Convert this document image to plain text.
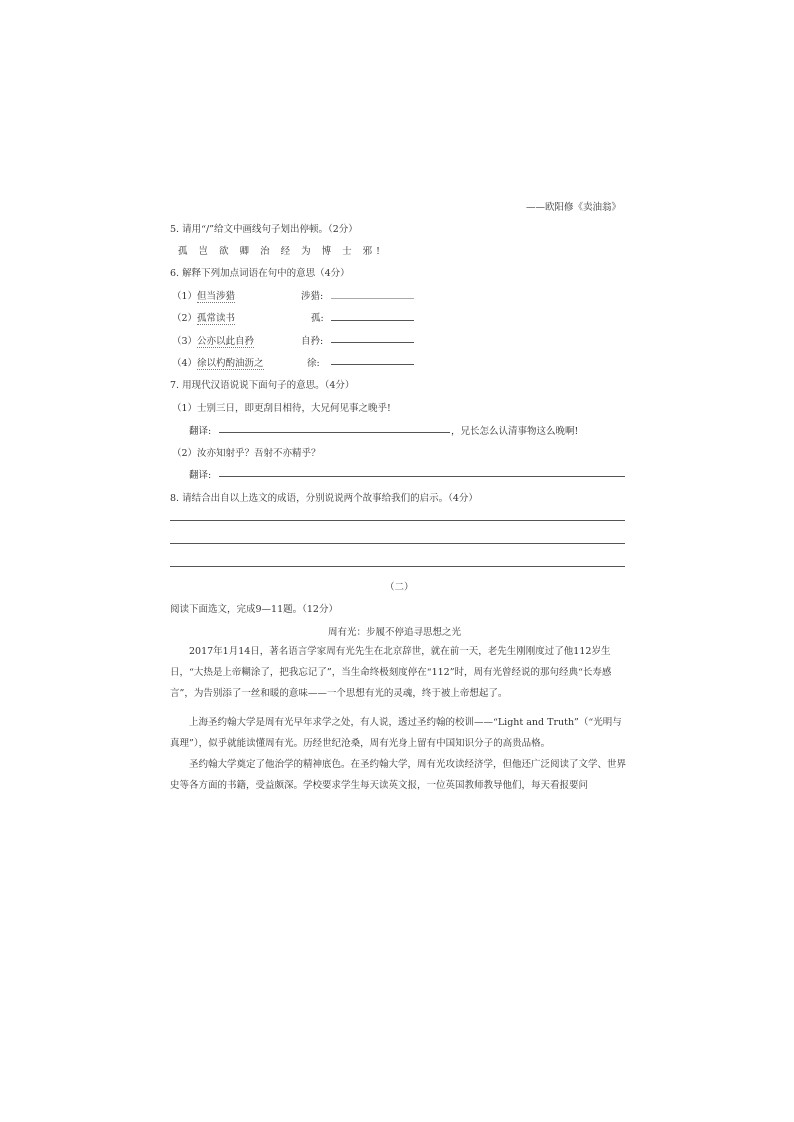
——欧阳修《卖油翁》
5. 请用“/”给文中画线句子划出停顿。（2分）
孤 岂 欲 卿 治 经 为 博 士 邪!
6. 解释下列加点词语在句中的意思（4分）
（1）但当涉猎	涉猎:
（2）孤常读书	孤:
（3）公亦以此自矜	自矜:
（4）徐以杓酌油沥之	徐:
7. 用现代汉语说说下面句子的意思。（4分）
（1）士别三日，即更刮目相待，大兄何见事之晚乎!
翻译:	，兄长怎么认清事物这么晚啊!
（2）汝亦知射乎？吾射不亦精乎？
翻译:
8. 请结合出自以上选文的成语，分别说说两个故事给我们的启示。（4分）
（二）
阅读下面选文，完成9—11题。（12分）
周有光：步履不停追寻思想之光
2017年1月14日，著名语言学家周有光先生在北京辞世，就在前一天，老先生刚刚度过了他112岁生日，“大热是上帝糊涂了，把我忘记了”，当生命终极刻度停在“112”时，周有光曾经说的那句经典“长寿感言”，为告别添了一丝和暖的意味——一个思想有光的灵魂，终于被上帝想起了。
上海圣约翰大学是周有光早年求学之处，有人说，透过圣约翰的校训——“Light and Truth”（“光明与真理”），似乎就能读懂周有光。历经世纪沧桑，周有光身上留有中国知识分子的高贵品格。
圣约翰大学奠定了他治学的精神底色。在圣约翰大学，周有光攻读经济学，但他还广泛阅读了文学、世界史等各方面的书籍，受益颇深。学校要求学生每天读英文报，一位英国教师教导他们，每天看报要问
